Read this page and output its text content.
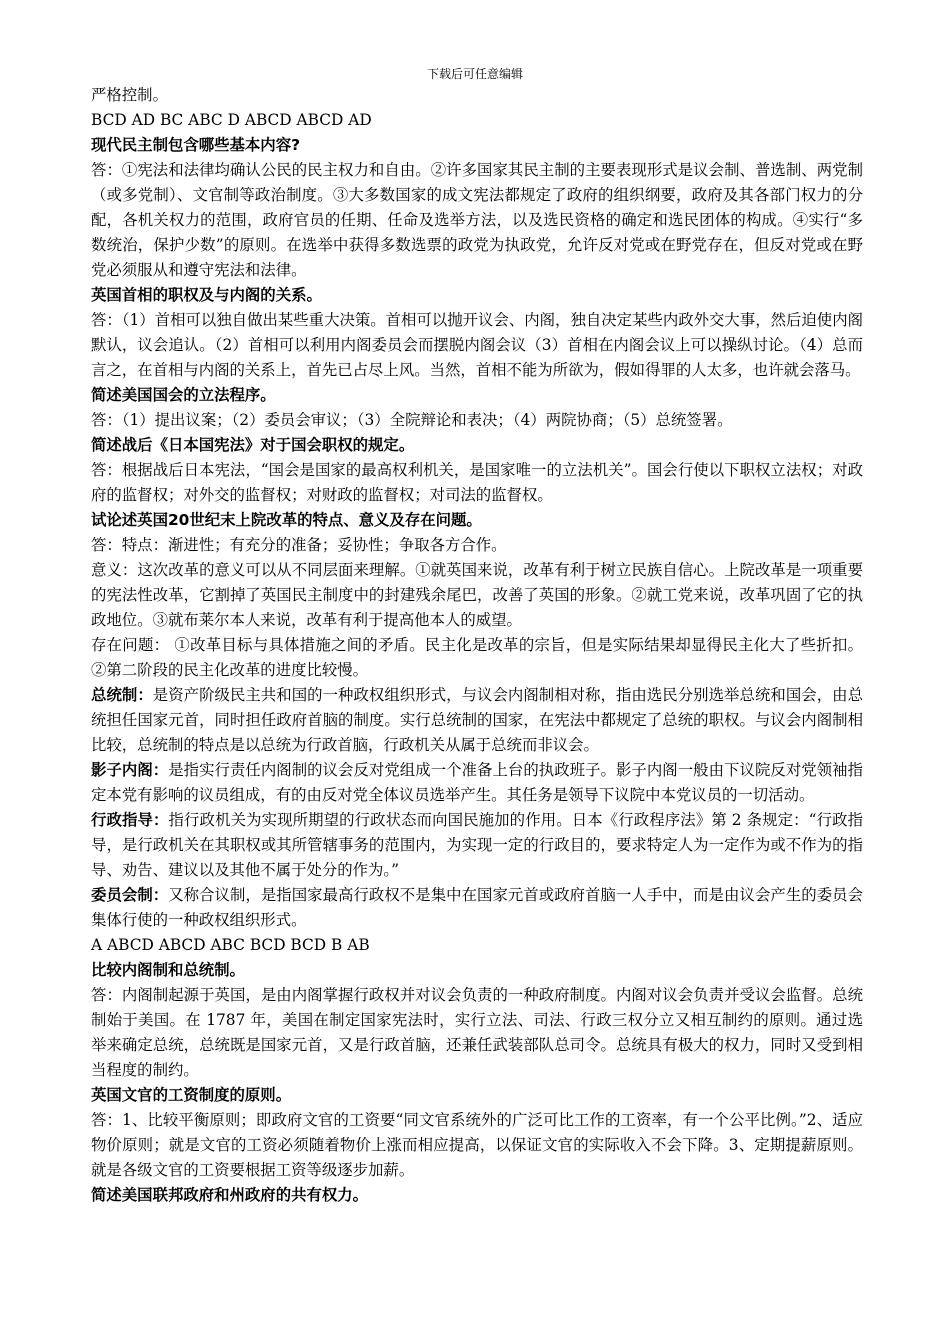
下载后可任意编辑

严格控制。

BCD AD BC ABC D ABCD ABCD AD

现代民主制包含哪些基本内容?

答：①宪法和法律均确认公民的民主权力和自由。②许多国家其民主制的主要表现形式是议会制、普选制、两党制（或多党制）、文官制等政治制度。③大多数国家的成文宪法都规定了政府的组织纲要，政府及其各部门权力的分配，各机关权力的范围，政府官员的任期、任命及选举方法，以及选民资格的确定和选民团体的构成。④实行“多数统治，保护少数”的原则。在选举中获得多数选票的政党为执政党，允许反对党或在野党存在，但反对党或在野党必须服从和遵守宪法和法律。

英国首相的职权及与内阁的关系。

答：（1）首相可以独自做出某些重大决策。首相可以抛开议会、内阁，独自决定某些内政外交大事，然后迫使内阁默认，议会追认。（2）首相可以利用内阁委员会而摆脱内阁会议（3）首相在内阁会议上可以操纵讨论。（4）总而言之，在首相与内阁的关系上，首先已占尽上风。当然，首相不能为所欲为，假如得罪的人太多，也许就会落马。

简述美国国会的立法程序。

答：（1）提出议案；（2）委员会审议；（3）全院辩论和表决；（4）两院协商；（5）总统签署。

简述战后《日本国宪法》对于国会职权的规定。

答：根据战后日本宪法，“国会是国家的最高权利机关，是国家唯一的立法机关”。国会行使以下职权立法权；对政府的监督权；对外交的监督权；对财政的监督权；对司法的监督权。

试论述英国20世纪末上院改革的特点、意义及存在问题。

答：特点：渐进性；有充分的准备；妥协性；争取各方合作。

意义：这次改革的意义可以从不同层面来理解。①就英国来说，改革有利于树立民族自信心。上院改革是一项重要的宪法性改革，它割掉了英国民主制度中的封建残余尾巴，改善了英国的形象。②就工党来说，改革巩固了它的执政地位。③就布莱尔本人来说，改革有利于提高他本人的威望。

存在问题： ①改革目标与具体措施之间的矛盾。民主化是改革的宗旨，但是实际结果却显得民主化大了些折扣。②第二阶段的民主化改革的进度比较慢。

总统制：是资产阶级民主共和国的一种政权组织形式，与议会内阁制相对称，指由选民分别选举总统和国会，由总统担任国家元首，同时担任政府首脑的制度。实行总统制的国家，在宪法中都规定了总统的职权。与议会内阁制相比较，总统制的特点是以总统为行政首脑，行政机关从属于总统而非议会。

影子内阁：是指实行责任内阁制的议会反对党组成一个准备上台的执政班子。影子内阁一般由下议院反对党领袖指定本党有影响的议员组成，有的由反对党全体议员选举产生。其任务是领导下议院中本党议员的一切活动。

行政指导：指行政机关为实现所期望的行政状态而向国民施加的作用。日本《行政程序法》第 2 条规定：“行政指导，是行政机关在其职权或其所管辖事务的范围内，为实现一定的行政目的，要求特定人为一定作为或不作为的指导、劝告、建议以及其他不属于处分的作为。”

委员会制：又称合议制，是指国家最高行政权不是集中在国家元首或政府首脑一人手中，而是由议会产生的委员会集体行使的一种政权组织形式。

A ABCD ABCD ABC BCD BCD B AB

比较内阁制和总统制。

答：内阁制起源于英国，是由内阁掌握行政权并对议会负责的一种政府制度。内阁对议会负责并受议会监督。总统制始于美国。在 1787 年，美国在制定国家宪法时，实行立法、司法、行政三权分立又相互制约的原则。通过选举来确定总统，总统既是国家元首，又是行政首脑，还兼任武装部队总司令。总统具有极大的权力，同时又受到相当程度的制约。

英国文官的工资制度的原则。

答：1、比较平衡原则；即政府文官的工资要“同文官系统外的广泛可比工作的工资率，有一个公平比例。”2、适应物价原则；就是文官的工资必须随着物价上涨而相应提高，以保证文官的实际收入不会下降。3、定期提薪原则。就是各级文官的工资要根据工资等级逐步加薪。

简述美国联邦政府和州政府的共有权力。
